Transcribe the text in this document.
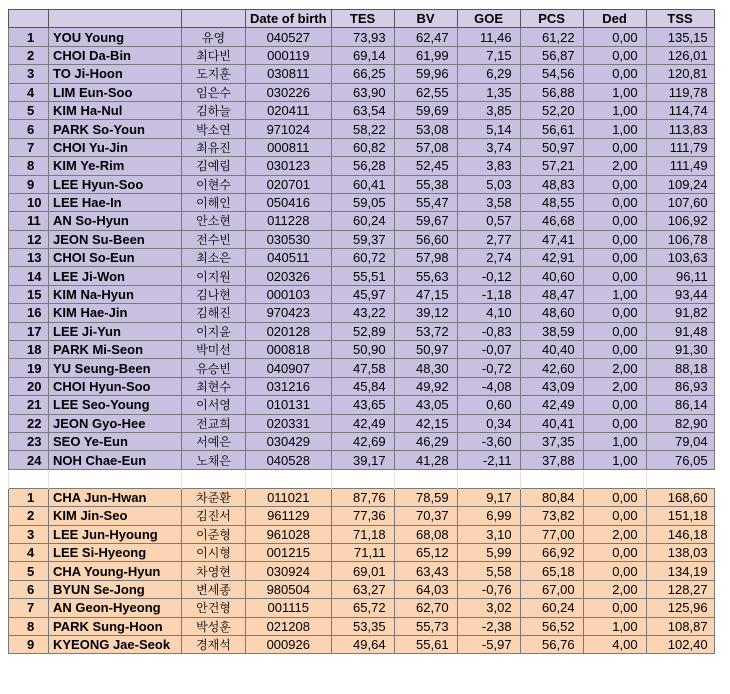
			Date of birth	TES	BV	GOE	PCS	Ded	TSS
1	YOU Young	유영	040527	73,93	62,47	11,46	61,22	0,00	135,15
2	CHOI Da-Bin	최다빈	000119	69,14	61,99	7,15	56,87	0,00	126,01
3	TO Ji-Hoon	도지훈	030811	66,25	59,96	6,29	54,56	0,00	120,81
4	LIM Eun-Soo	임은수	030226	63,90	62,55	1,35	56,88	1,00	119,78
5	KIM Ha-Nul	김하늘	020411	63,54	59,69	3,85	52,20	1,00	114,74
6	PARK So-Youn	박소연	971024	58,22	53,08	5,14	56,61	1,00	113,83
7	CHOI Yu-Jin	최유진	000811	60,82	57,08	3,74	50,97	0,00	111,79
8	KIM Ye-Rim	김예림	030123	56,28	52,45	3,83	57,21	2,00	111,49
9	LEE Hyun-Soo	이현수	020701	60,41	55,38	5,03	48,83	0,00	109,24
10	LEE Hae-In	이해인	050416	59,05	55,47	3,58	48,55	0,00	107,60
11	AN So-Hyun	안소현	011228	60,24	59,67	0,57	46,68	0,00	106,92
12	JEON Su-Been	전수빈	030530	59,37	56,60	2,77	47,41	0,00	106,78
13	CHOI So-Eun	최소은	040511	60,72	57,98	2,74	42,91	0,00	103,63
14	LEE Ji-Won	이지원	020326	55,51	55,63	-0,12	40,60	0,00	96,11
15	KIM Na-Hyun	김나현	000103	45,97	47,15	-1,18	48,47	1,00	93,44
16	KIM Hae-Jin	김해진	970423	43,22	39,12	4,10	48,60	0,00	91,82
17	LEE Ji-Yun	이지윤	020128	52,89	53,72	-0,83	38,59	0,00	91,48
18	PARK Mi-Seon	박미선	000818	50,90	50,97	-0,07	40,40	0,00	91,30
19	YU Seung-Been	유승빈	040907	47,58	48,30	-0,72	42,60	2,00	88,18
20	CHOI Hyun-Soo	최현수	031216	45,84	49,92	-4,08	43,09	2,00	86,93
21	LEE Seo-Young	이서영	010131	43,65	43,05	0,60	42,49	0,00	86,14
22	JEON Gyo-Hee	전교희	020331	42,49	42,15	0,34	40,41	0,00	82,90
23	SEO Ye-Eun	서예은	030429	42,69	46,29	-3,60	37,35	1,00	79,04
24	NOH Chae-Eun	노채은	040528	39,17	41,28	-2,11	37,88	1,00	76,05

1	CHA Jun-Hwan	차준환	011021	87,76	78,59	9,17	80,84	0,00	168,60
2	KIM Jin-Seo	김진서	961129	77,36	70,37	6,99	73,82	0,00	151,18
3	LEE Jun-Hyoung	이준형	961028	71,18	68,08	3,10	77,00	2,00	146,18
4	LEE Si-Hyeong	이시형	001215	71,11	65,12	5,99	66,92	0,00	138,03
5	CHA Young-Hyun	차영현	030924	69,01	63,43	5,58	65,18	0,00	134,19
6	BYUN Se-Jong	변세종	980504	63,27	64,03	-0,76	67,00	2,00	128,27
7	AN Geon-Hyeong	안건형	001115	65,72	62,70	3,02	60,24	0,00	125,96
8	PARK Sung-Hoon	박성훈	021208	53,35	55,73	-2,38	56,52	1,00	108,87
9	KYEONG Jae-Seok	경재석	000926	49,64	55,61	-5,97	56,76	4,00	102,40
